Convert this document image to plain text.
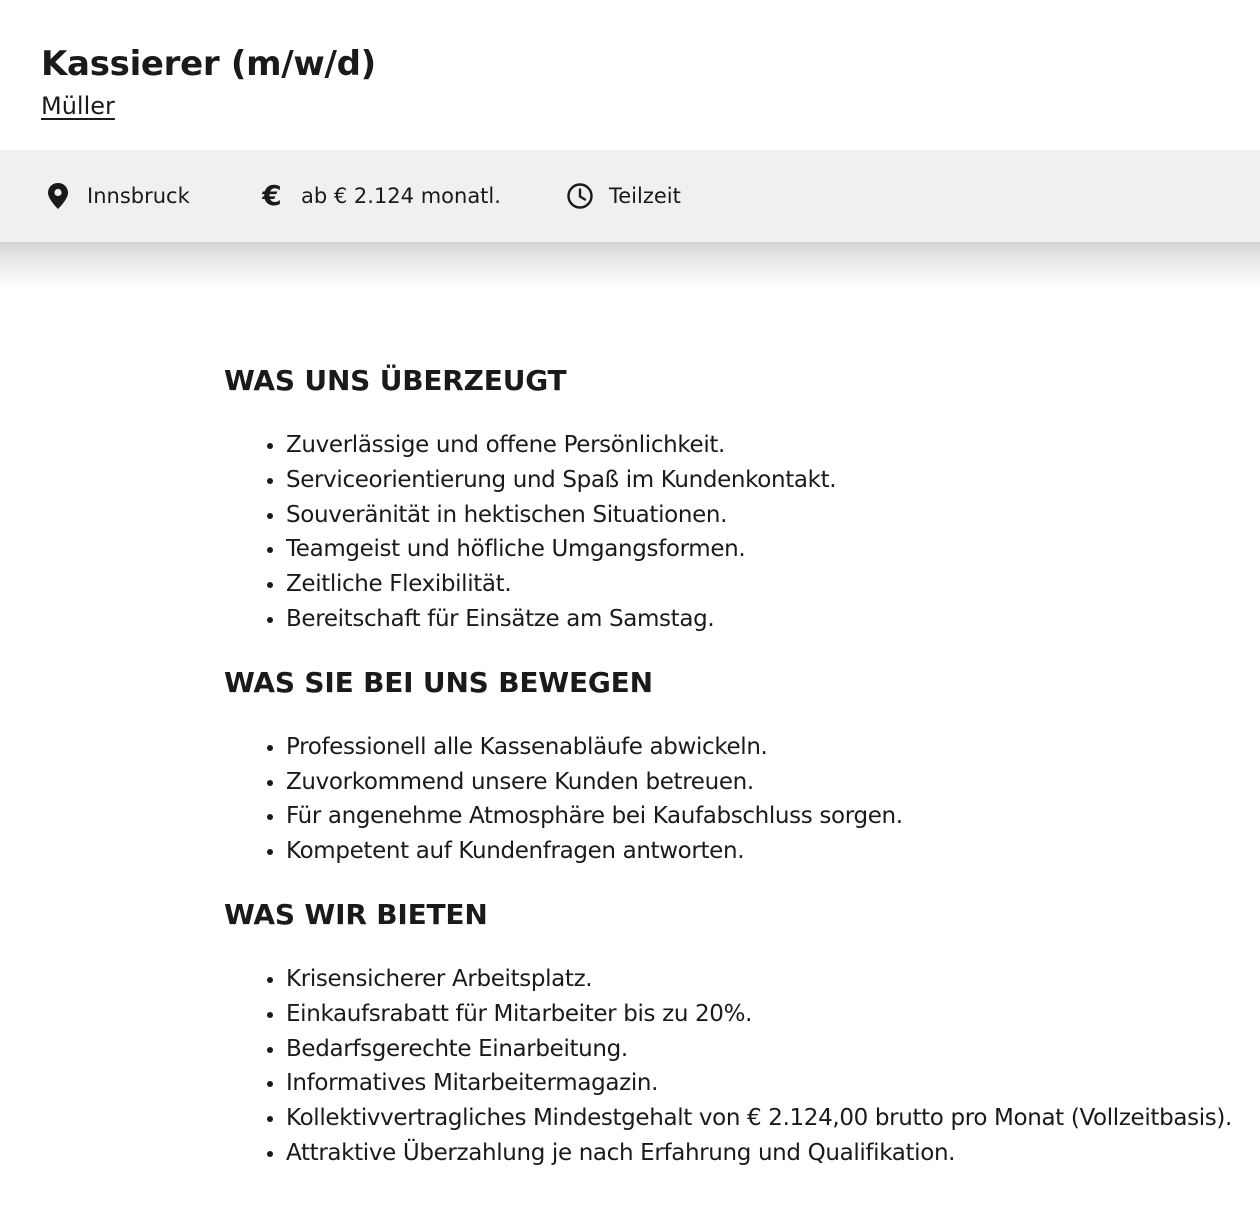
Kassierer (m/w/d)
Müller
Innsbruck	€ ab € 2.124 monatl.	Teilzeit
WAS UNS ÜBERZEUGT
• Zuverlässige und offene Persönlichkeit.
• Serviceorientierung und Spaß im Kundenkontakt.
• Souveränität in hektischen Situationen.
• Teamgeist und höfliche Umgangsformen.
• Zeitliche Flexibilität.
• Bereitschaft für Einsätze am Samstag.
WAS SIE BEI UNS BEWEGEN
• Professionell alle Kassenabläufe abwickeln.
• Zuvorkommend unsere Kunden betreuen.
• Für angenehme Atmosphäre bei Kaufabschluss sorgen.
• Kompetent auf Kundenfragen antworten.
WAS WIR BIETEN
• Krisensicherer Arbeitsplatz.
• Einkaufsrabatt für Mitarbeiter bis zu 20%.
• Bedarfsgerechte Einarbeitung.
• Informatives Mitarbeitermagazin.
• Kollektivvertragliches Mindestgehalt von € 2.124,00 brutto pro Monat (Vollzeitbasis).
• Attraktive Überzahlung je nach Erfahrung und Qualifikation.
